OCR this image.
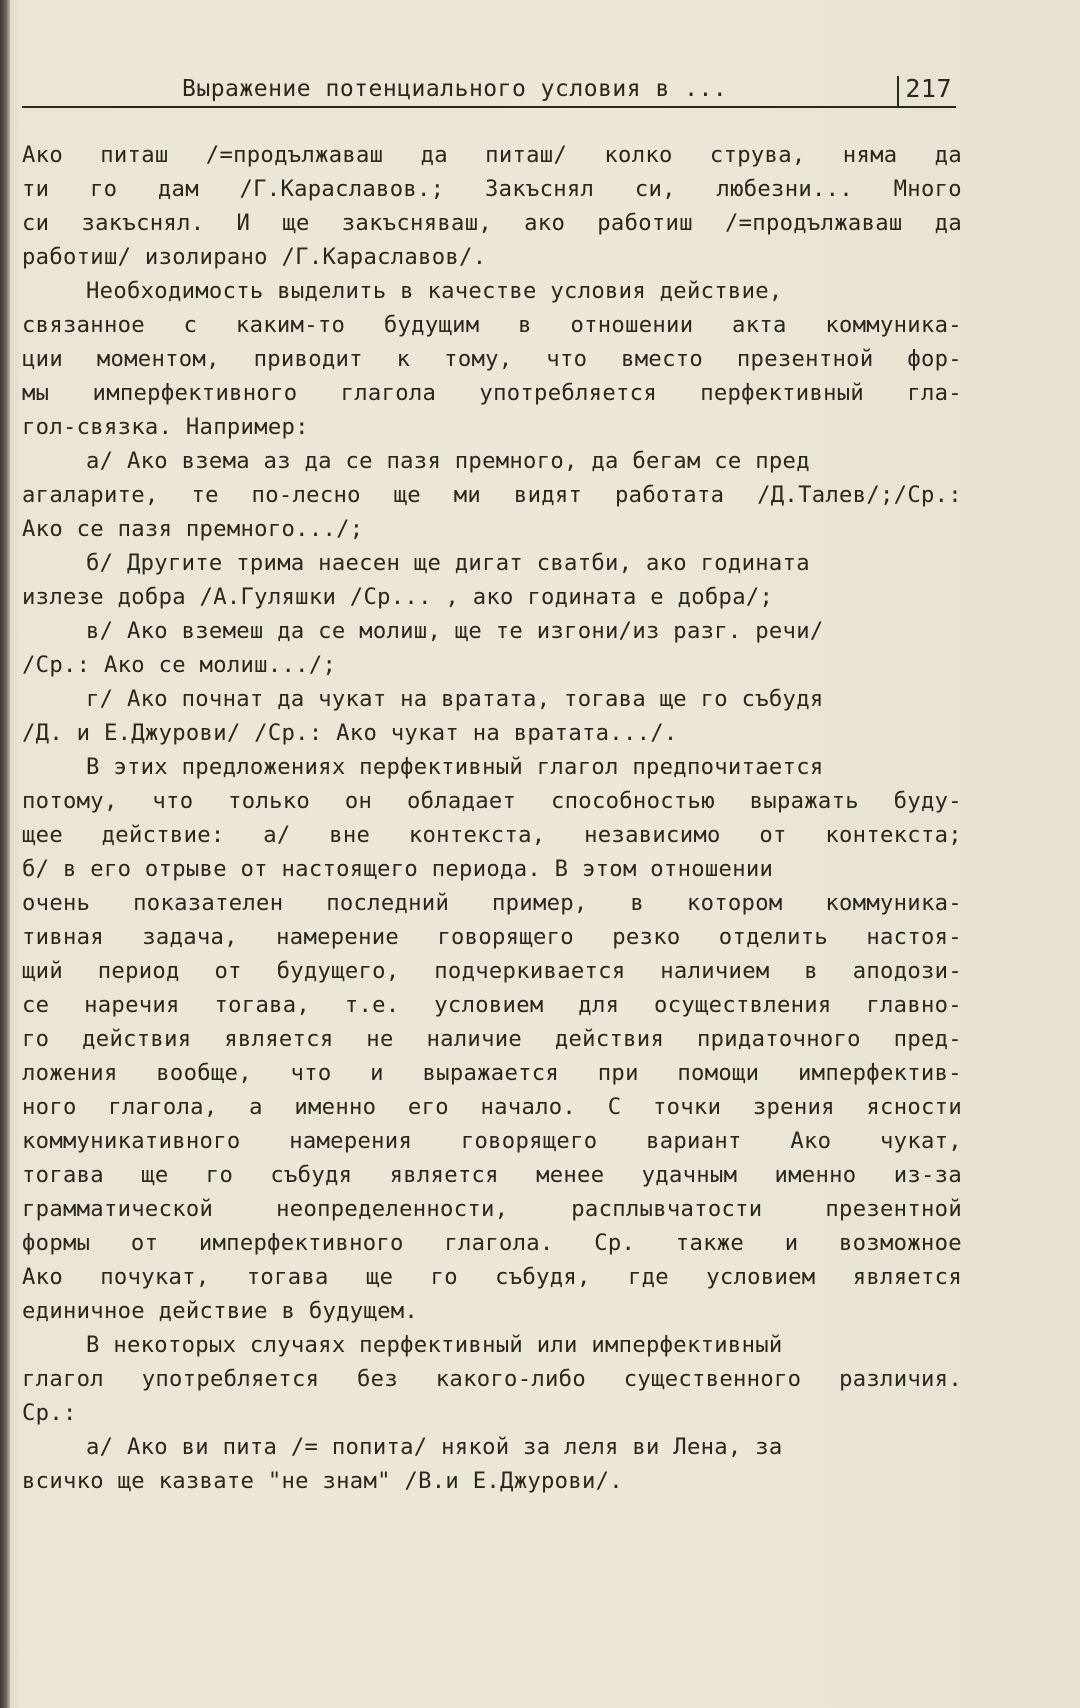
Выражение потенциального условия в ...	217
Ако питаш /=продължаваш да питаш/ колко струва, няма да
ти го дам /Г.Караславов.; Закъснял си, любезни... Много
си закъснял. И ще закъсняваш, ако работиш /=продължаваш да
работиш/ изолирано /Г.Караславов/.
Необходимость выделить в качестве условия действие,
связанное с каким-то будущим в отношении акта коммуника-
ции моментом, приводит к тому, что вместо презентной фор-
мы имперфективного глагола употребляется перфективный гла-
гол-связка. Например:
а/ Ако взема аз да се пазя премного, да бегам се пред
агаларите, те по-лесно ще ми видят работата /Д.Талев/;/Ср.:
Ако се пазя премного.../;
б/ Другите трима наесен ще дигат сватби, ако годината
излезе добра /А.Гуляшки /Ср... , ако годината е добра/;
в/ Ако вземеш да се молиш, ще те изгони/из разг. речи/
/Ср.: Ако се молиш.../;
г/ Ако почнат да чукат на вратата, тогава ще го събудя
/Д. и Е.Джурови/ /Ср.: Ако чукат на вратата.../.
В этих предложениях перфективный глагол предпочитается
потому, что только он обладает способностью выражать буду-
щее действие: а/ вне контекста, независимо от контекста;
б/ в его отрыве от настоящего периода. В этом отношении
очень показателен последний пример, в котором коммуника-
тивная задача, намерение говорящего резко отделить настоя-
щий период от будущего, подчеркивается наличием в аподози-
се наречия тогава, т.е. условием для осуществления главно-
го действия является не наличие действия придаточного пред-
ложения вообще, что и выражается при помощи имперфектив-
ного глагола, а именно его начало. С точки зрения ясности
коммуникативного намерения говорящего вариант Ако чукат,
тогава ще го събудя является менее удачным именно из-за
грамматической	неопределенности,	расплывчатости	презентной
формы от имперфективного глагола. Ср. также и возможное
Ако почукат, тогава ще го събудя, где условием является
единичное действие в будущем.
В некоторых случаях перфективный или имперфективный
глагол употребляется без какого-либо существенного различия.
Ср.:
а/ Ако ви пита /= попита/ някой за леля ви Лена, за
всичко ще казвате "не знам" /В.и Е.Джурови/.
